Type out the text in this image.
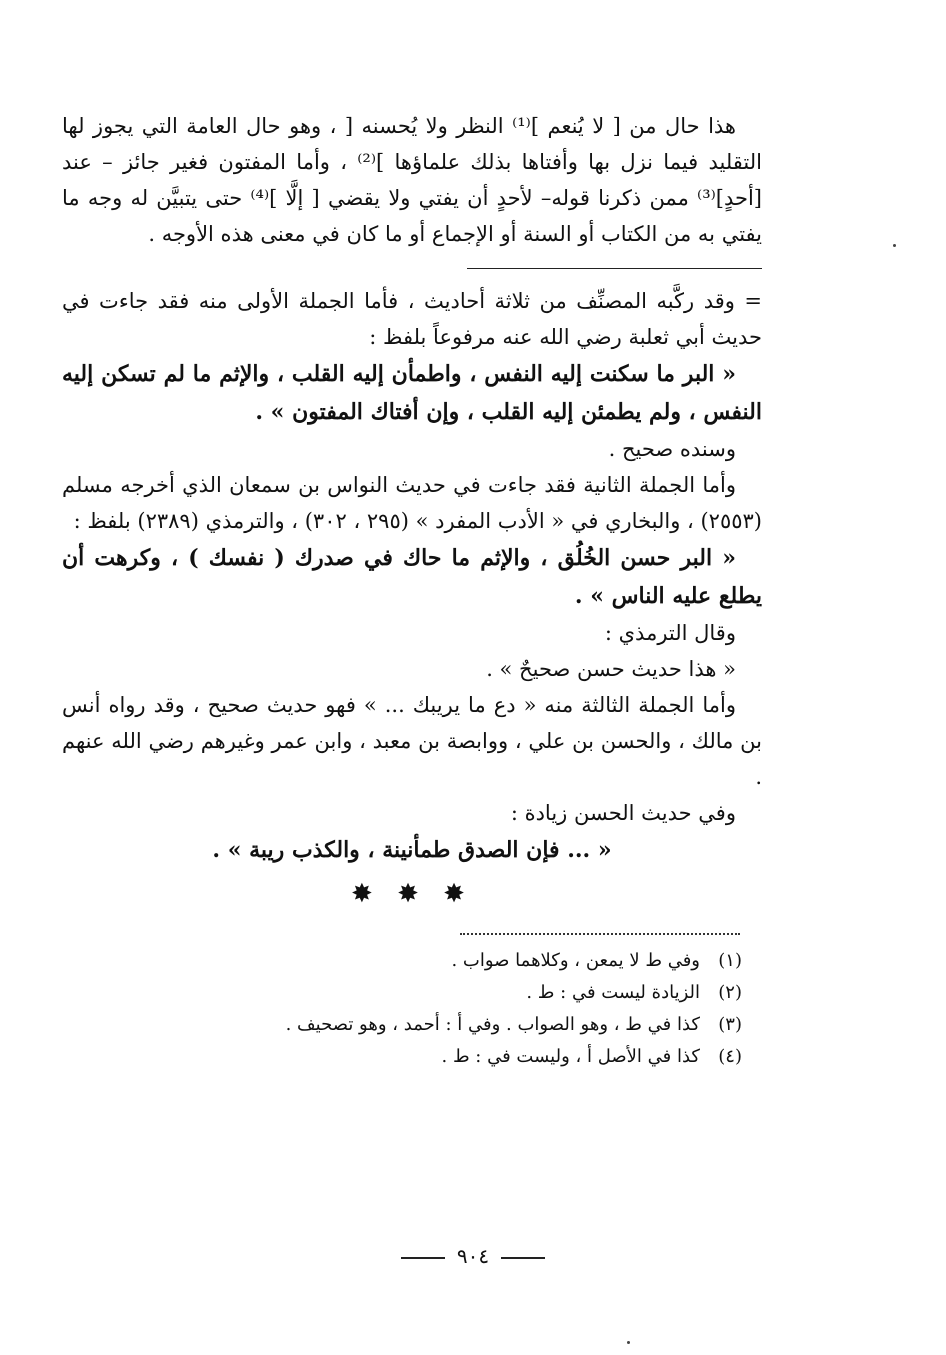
هذا حال من [ لا يُنعم ]⁽¹⁾ النظر ولا يُحسنه [ ، وهو حال العامة التي يجوز لها التقليد فيما نزل بها وأفتاها بذلك علماؤها ]⁽²⁾ ، وأما المفتون فغير جائز – عند [أحدٍ]⁽³⁾ ممن ذكرنا قوله– لأحدٍ أن يفتي ولا يقضي [ إلَّا ]⁽⁴⁾ حتى يتبيَّن له وجه ما يفتي به من الكتاب أو السنة أو الإجماع أو ما كان في معنى هذه الأوجه .

= وقد ركَّبه المصنِّف من ثلاثة أحاديث ، فأما الجملة الأولى منه فقد جاءت في حديث أبي ثعلبة رضي الله عنه مرفوعاً بلفظ :

« البر ما سكنت إليه النفس ، واطمأن إليه القلب ، والإثم ما لم تسكن إليه النفس ، ولم يطمئن إليه القلب ، وإن أفتاك المفتون » .

وسنده صحيح .

وأما الجملة الثانية فقد جاءت في حديث النواس بن سمعان الذي أخرجه مسلم (٢٥٥٣) ، والبخاري في « الأدب المفرد » (٢٩٥ ، ٣٠٢) ، والترمذي (٢٣٨٩) بلفظ :

« البر حسن الخُلُق ، والإثم ما حاك في صدرك ( نفسك ) ، وكرهت أن يطلع عليه الناس » .

وقال الترمذي :

« هذا حديث حسن صحيحٌ » .

وأما الجملة الثالثة منه « دع ما يريبك ... » فهو حديث صحيح ، وقد رواه أنس بن مالك ، والحسن بن علي ، ووابصة بن معبد ، وابن عمر وغيرهم رضي الله عنهم .

وفي حديث الحسن زيادة :

« ... فإن الصدق طمأنينة ، والكذب ريبة » .

✸ ✸ ✸
(١)
وفي ط لا يمعن ، وكلاهما صواب .
(٢)
الزيادة ليست في : ط .
(٣)
كذا في ط ، وهو الصواب . وفي أ : أحمد ، وهو تصحيف .
(٤)
كذا في الأصل أ ، وليست في : ط .
٩٠٤
